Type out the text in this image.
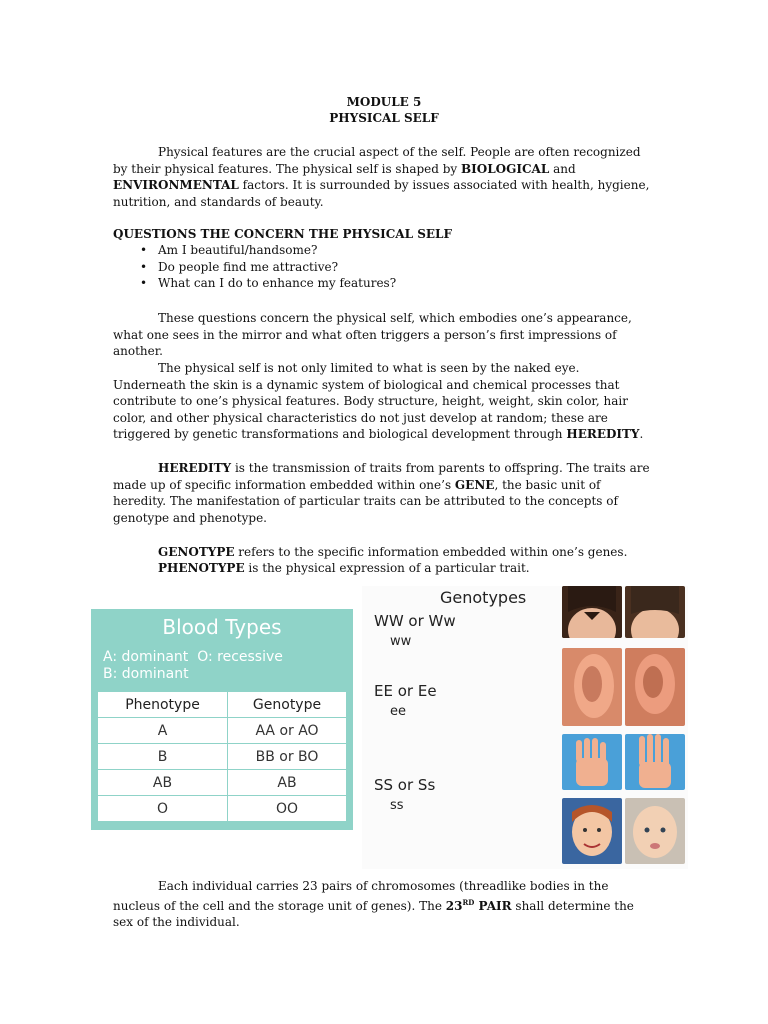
MODULE 5
PHYSICAL SELF

Physical features are the crucial aspect of the self. People are often recognized by their physical features. The physical self is shaped by BIOLOGICAL and ENVIRONMENTAL factors. It is surrounded by issues associated with health, hygiene, nutrition, and standards of beauty.

QUESTIONS THE CONCERN THE PHYSICAL SELF
• Am I beautiful/handsome?
• Do people find me attractive?
• What can I do to enhance my features?

These questions concern the physical self, which embodies one’s appearance, what one sees in the mirror and what often triggers a person’s first impressions of another.

The physical self is not only limited to what is seen by the naked eye. Underneath the skin is a dynamic system of biological and chemical processes that contribute to one’s physical features. Body structure, height, weight, skin color, hair color, and other physical characteristics do not just develop at random; these are triggered by genetic transformations and biological development through HEREDITY.

HEREDITY is the transmission of traits from parents to offspring. The traits are made up of specific information embedded within one’s GENE, the basic unit of heredity. The manifestation of particular traits can be attributed to the concepts of genotype and phenotype.

GENOTYPE refers to the specific information embedded within one’s genes.
PHENOTYPE is the physical expression of a particular trait.
Blood Types
A: dominant O: recessive
B: dominant
Phenotype	Genotype
A	AA or AO
B	BB or BO
AB	AB
O	OO
Genotypes
WW or Ww
ww
EE or Ee
ee
SS or Ss
ss

Each individual carries 23 pairs of chromosomes (threadlike bodies in the nucleus of the cell and the storage unit of genes). The 23RD PAIR shall determine the sex of the individual.
